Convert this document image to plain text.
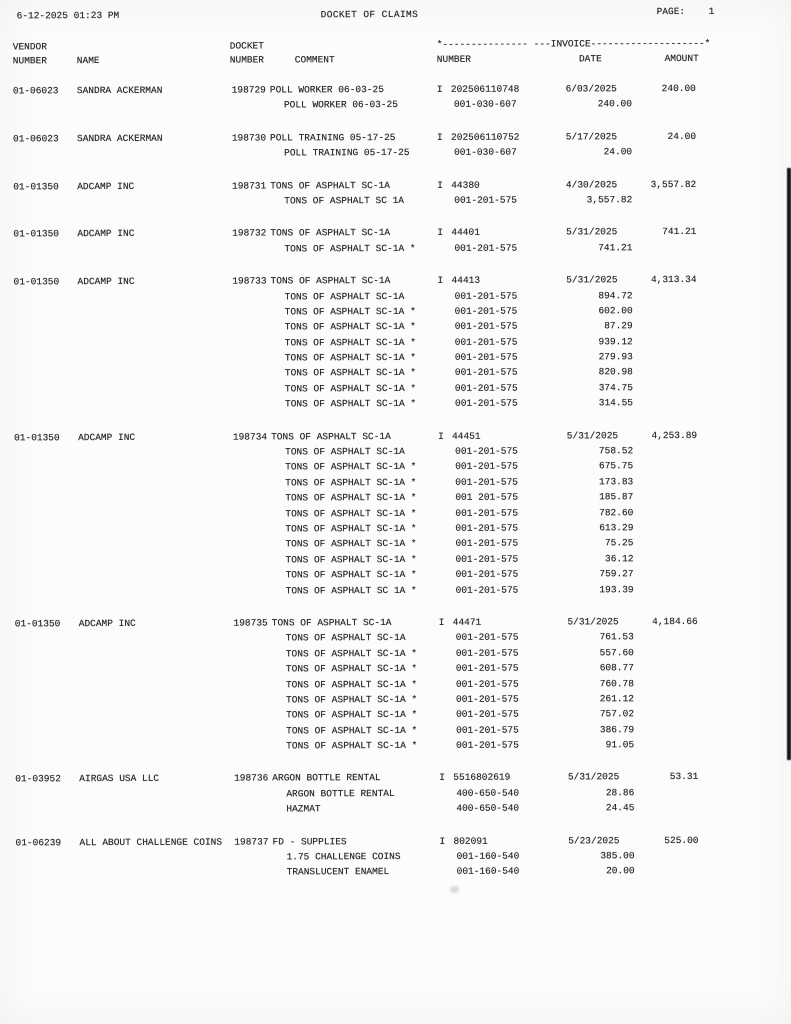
6-12-2025 01:23 PM	DOCKET OF CLAIMS	PAGE: 1
VENDOR	DOCKET	*--------------- ---INVOICE--------------------*
NUMBER	NAME	NUMBER	COMMENT	NUMBER	DATE	AMOUNT
01-06023 SANDRA ACKERMAN	198729 POLL WORKER 06-03-25	I 202506110748	6/03/2025	240.00
POLL WORKER 06-03-25	001-030-607	240.00
01-06023 SANDRA ACKERMAN	198730 POLL TRAINING 05-17-25	I 202506110752	5/17/2025	24.00
POLL TRAINING 05-17-25	001-030-607	24.00
01-01350 ADCAMP INC	198731 TONS OF ASPHALT SC-1A	I 44380	4/30/2025	3,557.82
TONS OF ASPHALT SC 1A	001-201-575	3,557.82
01-01350 ADCAMP INC	198732 TONS OF ASPHALT SC-1A	I 44401	5/31/2025	741.21
TONS OF ASPHALT SC-1A *	001-201-575	741.21
01-01350 ADCAMP INC	198733 TONS OF ASPHALT SC-1A	I 44413	5/31/2025	4,313.34
TONS OF ASPHALT SC-1A	001-201-575	894.72
TONS OF ASPHALT SC-1A *	001-201-575	602.00
TONS OF ASPHALT SC-1A *	001-201-575	87.29
TONS OF ASPHALT SC-1A *	001-201-575	939.12
TONS OF ASPHALT SC-1A *	001-201-575	279.93
TONS OF ASPHALT SC-1A *	001-201-575	820.98
TONS OF ASPHALT SC-1A *	001-201-575	374.75
TONS OF ASPHALT SC-1A *	001-201-575	314.55
01-01350 ADCAMP INC	198734 TONS OF ASPHALT SC-1A	I 44451	5/31/2025	4,253.89
TONS OF ASPHALT SC-1A	001-201-575	758.52
TONS OF ASPHALT SC-1A *	001-201-575	675.75
TONS OF ASPHALT SC-1A *	001-201-575	173.83
TONS OF ASPHALT SC-1A *	001 201-575	185.87
TONS OF ASPHALT SC-1A *	001-201-575	782.60
TONS OF ASPHALT SC-1A *	001-201-575	613.29
TONS OF ASPHALT SC-1A *	001-201-575	75.25
TONS OF ASPHALT SC-1A *	001-201-575	36.12
TONS OF ASPHALT SC-1A *	001-201-575	759.27
TONS OF ASPHALT SC 1A *	001-201-575	193.39
01-01350 ADCAMP INC	198735 TONS OF ASPHALT SC-1A	I 44471	5/31/2025	4,184.66
TONS OF ASPHALT SC-1A	001-201-575	761.53
TONS OF ASPHALT SC-1A *	001-201-575	557.60
TONS OF ASPHALT SC-1A *	001-201-575	608.77
TONS OF ASPHALT SC-1A *	001-201-575	760.78
TONS OF ASPHALT SC-1A *	001-201-575	261.12
TONS OF ASPHALT SC-1A *	001-201-575	757.02
TONS OF ASPHALT SC-1A *	001-201-575	386.79
TONS OF ASPHALT SC-1A *	001-201-575	91.05
01-03952 AIRGAS USA LLC	198736 ARGON BOTTLE RENTAL	I 5516802619	5/31/2025	53.31
ARGON BOTTLE RENTAL	400-650-540	28.86
HAZMAT	400-650-540	24.45
01-06239 ALL ABOUT CHALLENGE COINS 198737 FD - SUPPLIES	I 802091	5/23/2025	525.00
1.75 CHALLENGE COINS	001-160-540	385.00
TRANSLUCENT ENAMEL	001-160-540	20.00
